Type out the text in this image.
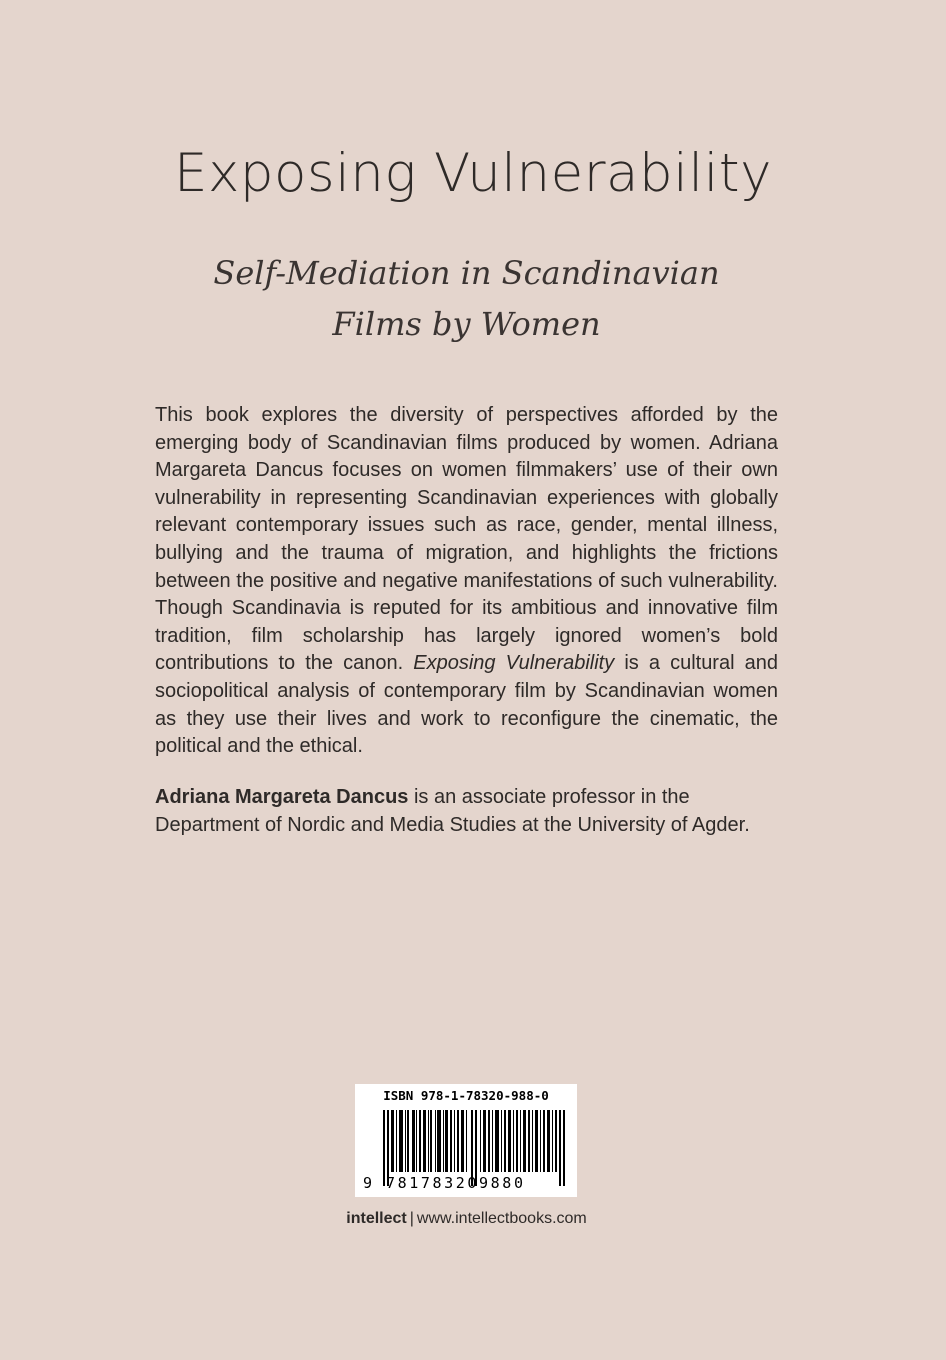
Exposing Vulnerability
Self-Mediation in Scandinavian
Films by Women

This book explores the diversity of perspectives afforded by the emerging body of Scandinavian films produced by women. Adriana Margareta Dancus focuses on women filmmakers’ use of their own vulnerability in representing Scandinavian experiences with globally relevant contemporary issues such as race, gender, mental illness, bullying and the trauma of migration, and highlights the frictions between the positive and negative manifestations of such vulnerability. Though Scandinavia is reputed for its ambitious and innovative film tradition, film scholarship has largely ignored women’s bold contributions to the canon. Exposing Vulnerability is a cultural and sociopolitical analysis of contemporary film by Scandinavian women as they use their lives and work to reconfigure the cinematic, the political and the ethical.

Adriana Margareta Dancus is an associate professor in the Department of Nordic and Media Studies at the University of Agder.

ISBN 978-1-78320-988-0
9 781783209880
intellect | www.intellectbooks.com
